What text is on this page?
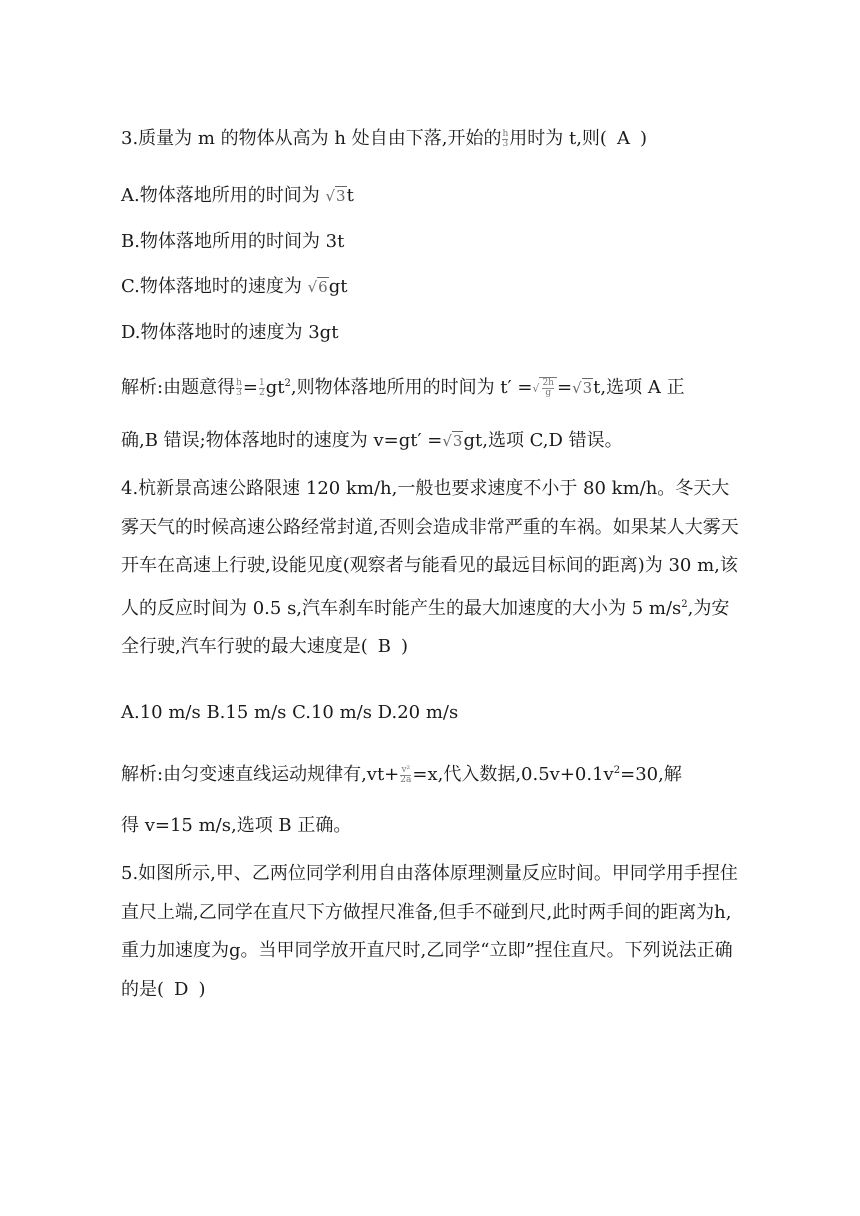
3.质量为 m 的物体从高为 h 处自由下落,开始的 $\frac{h}{3}$ 用时为 t,则( A )
A.物体落地所用的时间为 √3t
B.物体落地所用的时间为 3t
C.物体落地时的速度为 √6gt
D.物体落地时的速度为 3gt
解析:由题意得 $\frac{h}{3} = \frac{1}{2} gt^2$,则物体落地所用的时间为 t′ =√ $\frac{2h}{g} =√3t$,选项 A 正
确,B 错误;物体落地时的速度为 v=gt′ =√3gt,选项 C,D 错误。
4.杭新景高速公路限速 120 km/h,一般也要求速度不小于 80 km/h。冬天大雾天气的时候高速公路经常封道,否则会造成非常严重的车祸。如果某人大雾天开车在高速上行驶,设能见度(观察者与能看见的最远目标间的距离)为 30 m,该人的反应时间为 0.5 s,汽车刹车时能产生的最大加速度的大小为 5 $m/s^2$,为安全行驶,汽车行驶的最大速度是( B )
A.10 m/s B.15 m/s C.10 m/s D.20 m/s
解析:由匀变速直线运动规律有$,vt+ \frac{\text{v²}}{2a} =x$,代入数据$,0.5v+0.1v^2=30$,解
得 v=15 m/s,选项 B 正确。
5.如图所示,甲、乙两位同学利用自由落体原理测量反应时间。甲同学用手捏住直尺上端,乙同学在直尺下方做捏尺准备,但手不碰到尺,此时两手间的距离为h,重力加速度为g。当甲同学放开直尺时,乙同学“立即”捏住直尺。下列说法正确的是( D )
